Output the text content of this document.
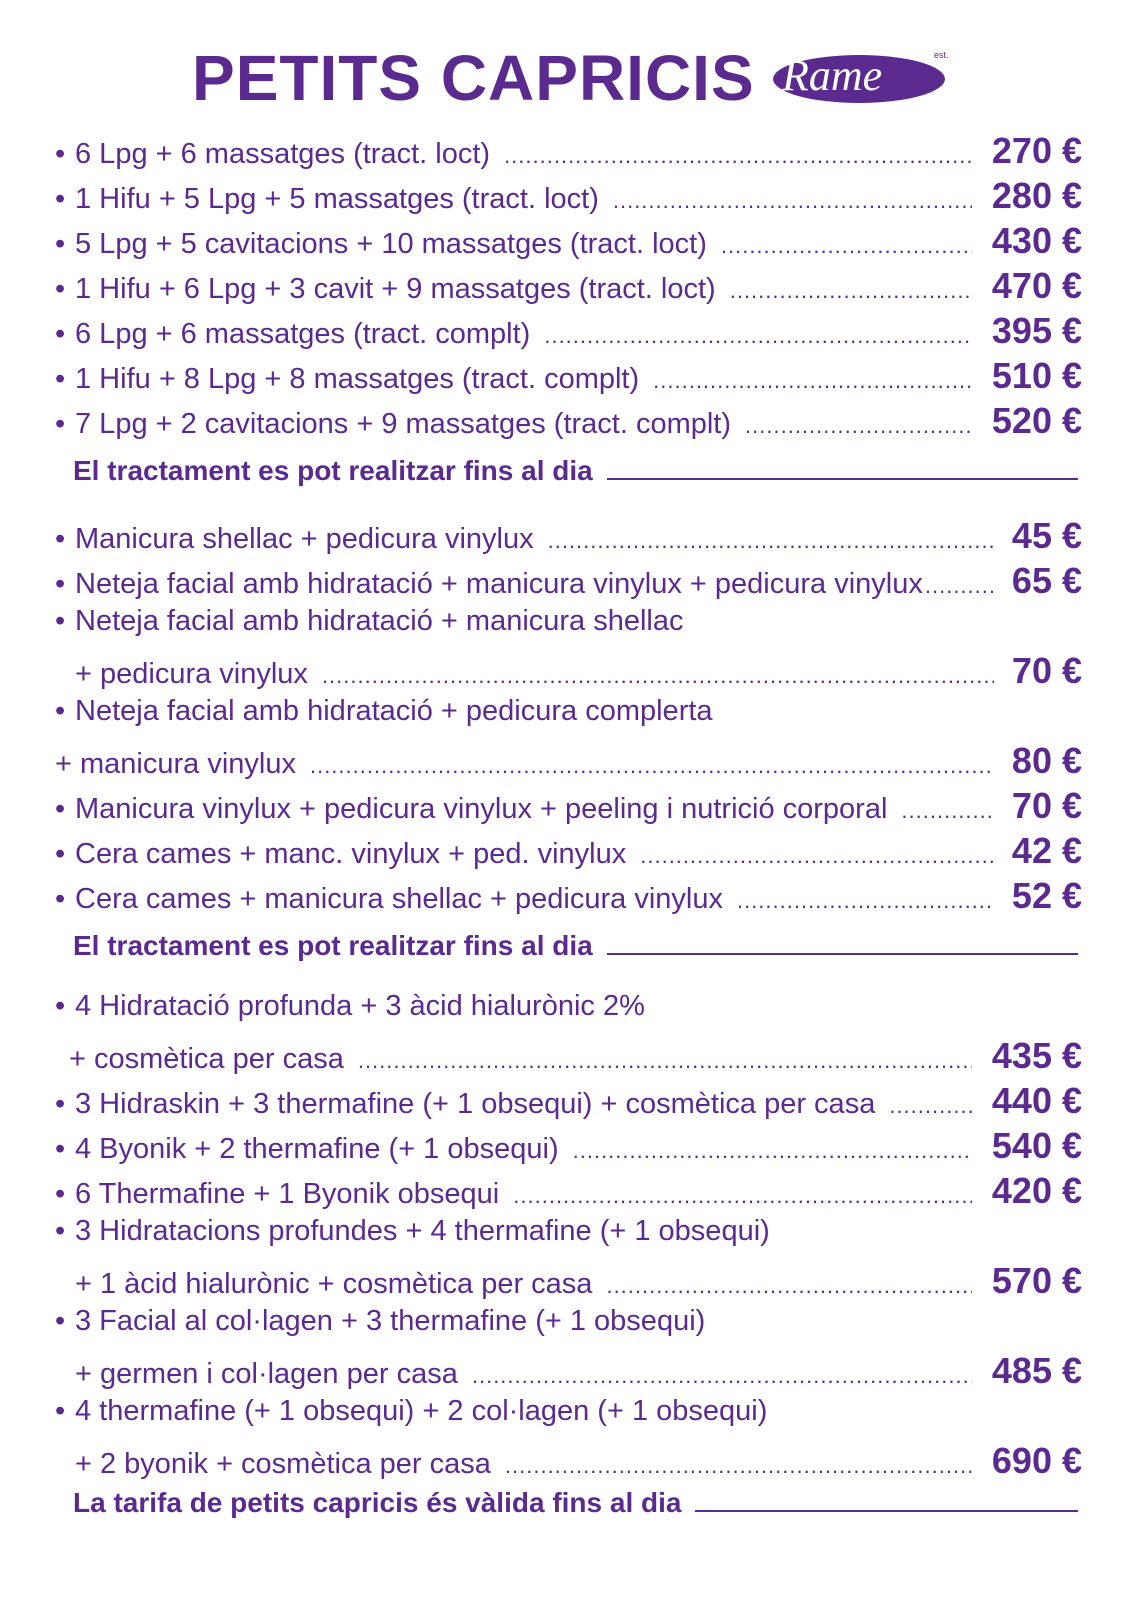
PETITS CAPRICIS Rame	est.
• 6 Lpg + 6 massatges (tract. loct) .....	270 €
• 1 Hifu + 5 Lpg + 5 massatges (tract. loct) .....	280 €
• 5 Lpg + 5 cavitacions + 10 massatges (tract. loct) .....	430 €
• 1 Hifu + 6 Lpg + 3 cavit + 9 massatges (tract. loct) .....	470 €
• 6 Lpg + 6 massatges (tract. complt) .....	395 €
• 1 Hifu + 8 Lpg + 8 massatges (tract. complt) .....	510 €
• 7 Lpg + 2 cavitacions + 9 massatges (tract. complt) .....	520 €
El tractament es pot realitzar fins al dia
• Manicura shellac + pedicura vinylux .....	45 €
• Neteja facial amb hidratació + manicura vinylux + pedicura vinylux .....	65 €
• Neteja facial amb hidratació + manicura shellac
+ pedicura vinylux .....	70 €
• Neteja facial amb hidratació + pedicura complerta
+ manicura vinylux .....	80 €
• Manicura vinylux + pedicura vinylux + peeling i nutrició corporal .....	70 €
• Cera cames + manc. vinylux + ped. vinylux .....	42 €
• Cera cames + manicura shellac + pedicura vinylux .....	52 €
El tractament es pot realitzar fins al dia
• 4 Hidratació profunda + 3 àcid hialurònic 2%
+ cosmètica per casa .....	435 €
• 3 Hidraskin + 3 thermafine (+ 1 obsequi) + cosmètica per casa .....	440 €
• 4 Byonik + 2 thermafine (+ 1 obsequi) .....	540 €
• 6 Thermafine + 1 Byonik obsequi .....	420 €
• 3 Hidratacions profundes + 4 thermafine (+ 1 obsequi)
+ 1 àcid hialurònic + cosmètica per casa .....	570 €
• 3 Facial al col·lagen + 3 thermafine (+ 1 obsequi)
+ germen i col·lagen per casa .....	485 €
• 4 thermafine (+ 1 obsequi) + 2 col·lagen (+ 1 obsequi)
+ 2 byonik + cosmètica per casa .....	690 €
La tarifa de petits capricis és vàlida fins al dia
